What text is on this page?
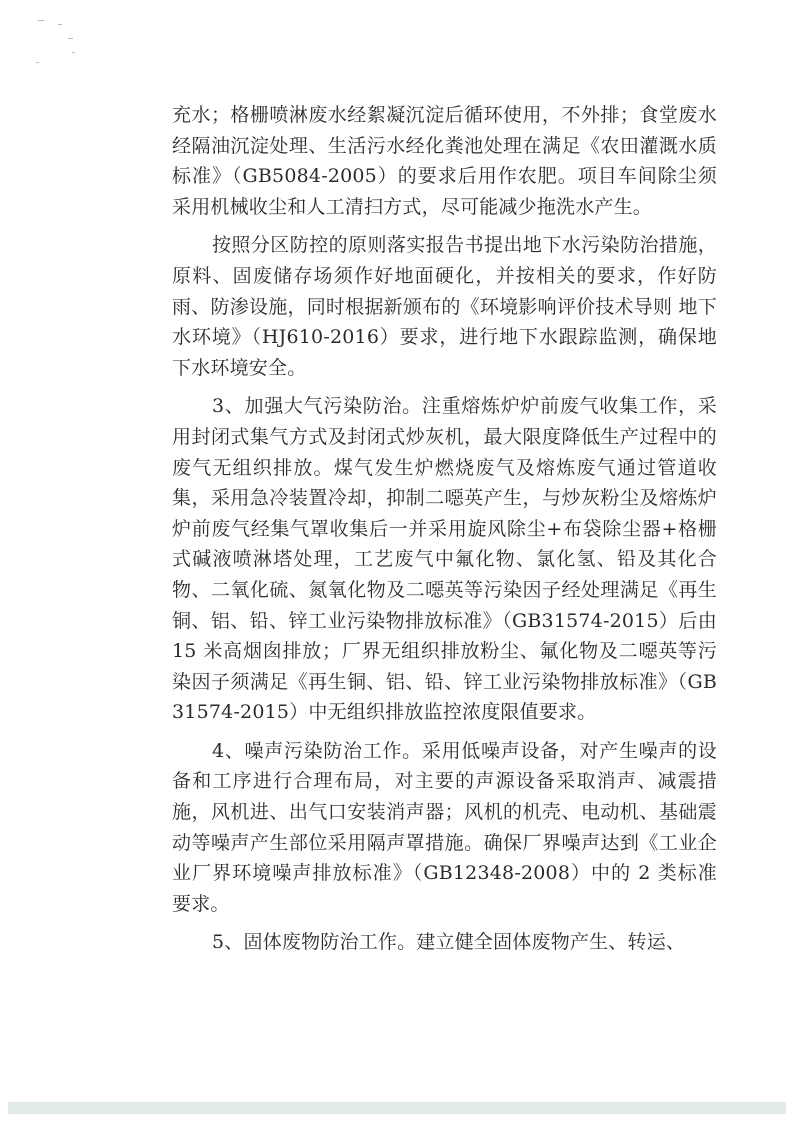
充水；格栅喷淋废水经絮凝沉淀后循环使用，不外排；食堂废水经隔油沉淀处理、生活污水经化粪池处理在满足《农田灌溉水质标准》（GB5084-2005）的要求后用作农肥。项目车间除尘须采用机械收尘和人工清扫方式，尽可能减少拖洗水产生。

按照分区防控的原则落实报告书提出地下水污染防治措施，原料、固废储存场须作好地面硬化，并按相关的要求，作好防雨、防渗设施，同时根据新颁布的《环境影响评价技术导则 地下水环境》（HJ610-2016）要求，进行地下水跟踪监测，确保地下水环境安全。

3、加强大气污染防治。注重熔炼炉炉前废气收集工作，采用封闭式集气方式及封闭式炒灰机，最大限度降低生产过程中的废气无组织排放。煤气发生炉燃烧废气及熔炼废气通过管道收集，采用急冷装置冷却，抑制二噁英产生，与炒灰粉尘及熔炼炉炉前废气经集气罩收集后一并采用旋风除尘+布袋除尘器+格栅式碱液喷淋塔处理，工艺废气中氟化物、氯化氢、铅及其化合物、二氧化硫、氮氧化物及二噁英等污染因子经处理满足《再生铜、铝、铅、锌工业污染物排放标准》（GB31574-2015）后由 15 米高烟囱排放；厂界无组织排放粉尘、氟化物及二噁英等污染因子须满足《再生铜、铝、铅、锌工业污染物排放标准》（GB31574-2015）中无组织排放监控浓度限值要求。

4、噪声污染防治工作。采用低噪声设备，对产生噪声的设备和工序进行合理布局，对主要的声源设备采取消声、减震措施，风机进、出气口安装消声器；风机的机壳、电动机、基础震动等噪声产生部位采用隔声罩措施。确保厂界噪声达到《工业企业厂界环境噪声排放标准》（GB12348-2008）中的 2 类标准要求。

5、固体废物防治工作。建立健全固体废物产生、转运、
